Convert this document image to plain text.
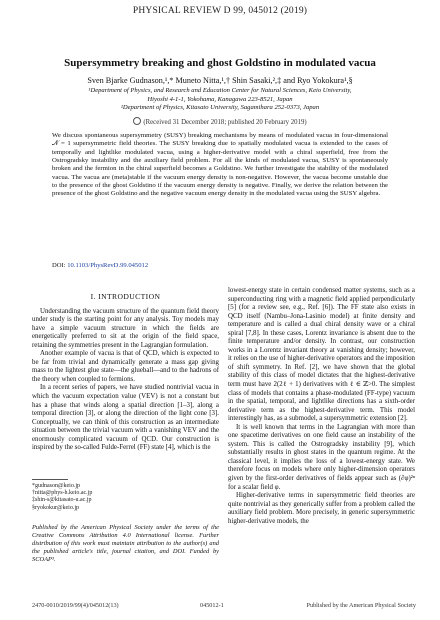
PHYSICAL REVIEW D 99, 045012 (2019)
Supersymmetry breaking and ghost Goldstino in modulated vacua
Sven Bjarke Gudnason,¹,* Muneto Nitta,¹,† Shin Sasaki,²,‡ and Ryo Yokokura¹,§
¹Department of Physics, and Research and Education Center for Natural Sciences, Keio University,
Hiyoshi 4-1-1, Yokohama, Kanagawa 223-8521, Japan
²Department of Physics, Kitasato University, Sagamihara 252-0373, Japan
(Received 31 December 2018; published 20 February 2019)
We discuss spontaneous supersymmetry (SUSY) breaking mechanisms by means of modulated vacua in four-dimensional 𝒩 = 1 supersymmetric field theories. The SUSY breaking due to spatially modulated vacua is extended to the cases of temporally and lightlike modulated vacua, using a higher-derivative model with a chiral superfield, free from the Ostrogradsky instability and the auxiliary field problem. For all the kinds of modulated vacua, SUSY is spontaneously broken and the fermion in the chiral superfield becomes a Goldstino. We further investigate the stability of the modulated vacua. The vacua are (meta)stable if the vacuum energy density is non-negative. However, the vacua become unstable due to the presence of the ghost Goldstino if the vacuum energy density is negative. Finally, we derive the relation between the presence of the ghost Goldstino and the negative vacuum energy density in the modulated vacua using the SUSY algebra.
DOI: 10.1103/PhysRevD.99.045012
I. INTRODUCTION

Understanding the vacuum structure of the quantum field theory under study is the starting point for any analysis. Toy models may have a simple vacuum structure in which the fields are energetically preferred to sit at the origin of the field space, retaining the symmetries present in the Lagrangian formulation.

Another example of vacua is that of QCD, which is expected to be far from trivial and dynamically generate a mass gap giving mass to the lightest glue state—the glueball—and to the hadrons of the theory when coupled to fermions.

In a recent series of papers, we have studied nontrivial vacua in which the vacuum expectation value (VEV) is not a constant but has a phase that winds along a spatial direction [1–3], along a temporal direction [3], or along the direction of the light cone [3]. Conceptually, we can think of this construction as an intermediate situation between the trivial vacuum with a vanishing VEV and the enormously complicated vacuum of QCD. Our construction is inspired by the so-called Fulde-Ferrel (FF) state [4], which is the

lowest-energy state in certain condensed matter systems, such as a superconducting ring with a magnetic field applied perpendicularly [5] (for a review see, e.g., Ref. [6]). The FF state also exists in QCD itself (Nambu–Jona-Lasinio model) at finite density and temperature and is called a dual chiral density wave or a chiral spiral [7,8]. In these cases, Lorentz invariance is absent due to the finite temperature and/or density. In contrast, our construction works in a Lorentz invariant theory at vanishing density; however, it relies on the use of higher-derivative operators and the imposition of shift symmetry. In Ref. [2], we have shown that the global stability of this class of model dictates that the highest-derivative term must have 2(2ℓ + 1) derivatives with ℓ ∈ ℤ>0. The simplest class of models that contains a phase-modulated (FF-type) vacuum in the spatial, temporal, and lightlike directions has a sixth-order derivative term as the highest-derivative term. This model interestingly has, as a submodel, a supersymmetric extension [2].

It is well known that terms in the Lagrangian with more than one spacetime derivatives on one field cause an instability of the system. This is called the Ostrogradsky instability [9], which substantially results in ghost states in the quantum regime. At the classical level, it implies the loss of a lowest-energy state. We therefore focus on models where only higher-dimension operators given by the first-order derivatives of fields appear such as (∂φ)²ⁿ for a scalar field φ.

Higher-derivative terms in supersymmetric field theories are quite nontrivial as they generically suffer from a problem called the auxiliary field problem. More precisely, in generic supersymmetric higher-derivative models, the

*gudnason@keio.jp
†nitta@phys-h.keio.ac.jp
‡shin-s@kitasato-u.ac.jp
§ryokokur@keio.jp
Published by the American Physical Society under the terms of the Creative Commons Attribution 4.0 International license. Further distribution of this work must maintain attribution to the author(s) and the published article's title, journal citation, and DOI. Funded by SCOAP³.
2470-0010/2019/99(4)/045012(13)	045012-1	Published by the American Physical Society
